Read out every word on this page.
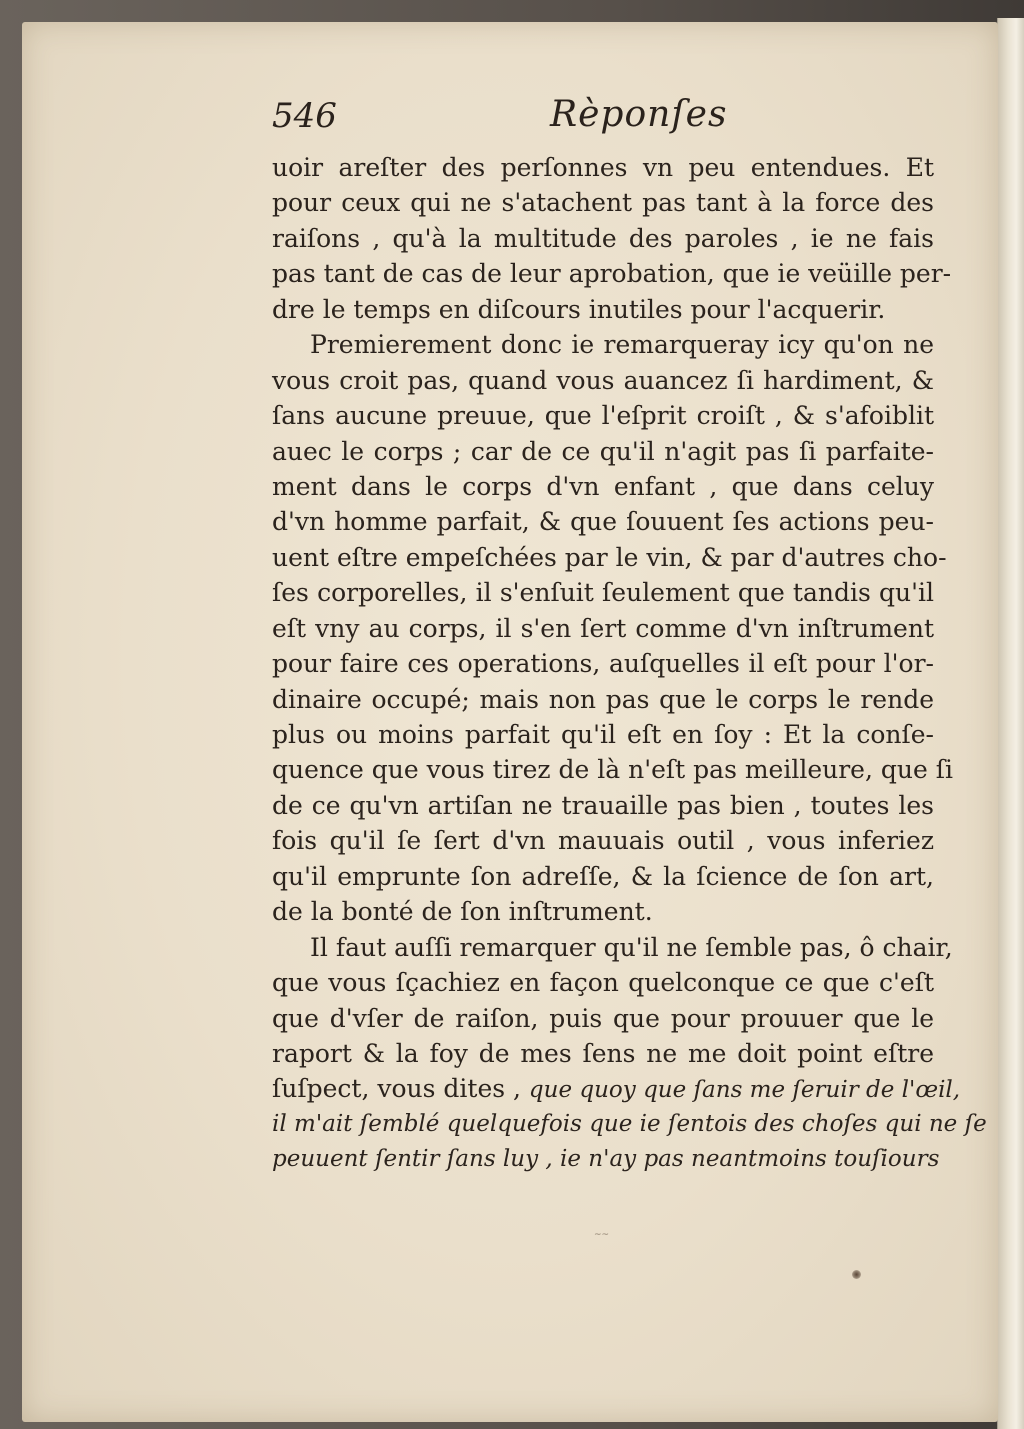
546	Rèponſes
uoir areſter des perſonnes vn peu entendues. Et
pour ceux qui ne s'atachent pas tant à la force des
raiſons , qu'à la multitude des paroles , ie ne fais
pas tant de cas de leur aprobation, que ie veüille per-
dre le temps en diſcours inutiles pour l'acquerir.
Premierement donc ie remarqueray icy qu'on ne
vous croit pas, quand vous auancez ſi hardiment, &
ſans aucune preuue, que l'eſprit croiſt , & s'afoiblit
auec le corps ; car de ce qu'il n'agit pas ſi parfaite-
ment dans le corps d'vn enfant , que dans celuy
d'vn homme parfait, & que ſouuent ſes actions peu-
uent eſtre empeſchées par le vin, & par d'autres cho-
ſes corporelles, il s'enſuit ſeulement que tandis qu'il
eſt vny au corps, il s'en ſert comme d'vn inſtrument
pour faire ces operations, auſquelles il eſt pour l'or-
dinaire occupé; mais non pas que le corps le rende
plus ou moins parfait qu'il eſt en ſoy : Et la conſe-
quence que vous tirez de là n'eſt pas meilleure, que ſi
de ce qu'vn artiſan ne trauaille pas bien , toutes les
fois qu'il ſe ſert d'vn mauuais outil , vous inferiez
qu'il emprunte ſon adreſſe, & la ſcience de ſon art,
de la bonté de ſon inſtrument.
Il faut auſſi remarquer qu'il ne ſemble pas, ô chair,
que vous ſçachiez en façon quelconque ce que c'eſt
que d'vſer de raiſon, puis que pour prouuer que le
raport & la foy de mes ſens ne me doit point eſtre
ſuſpect, vous dites , que quoy que ſans me ſeruir de l'œil,
il m'ait ſemblé quelquefois que ie ſentois des choſes qui ne ſe
peuuent ſentir ſans luy , ie n'ay pas neantmoins touſiours
~~
